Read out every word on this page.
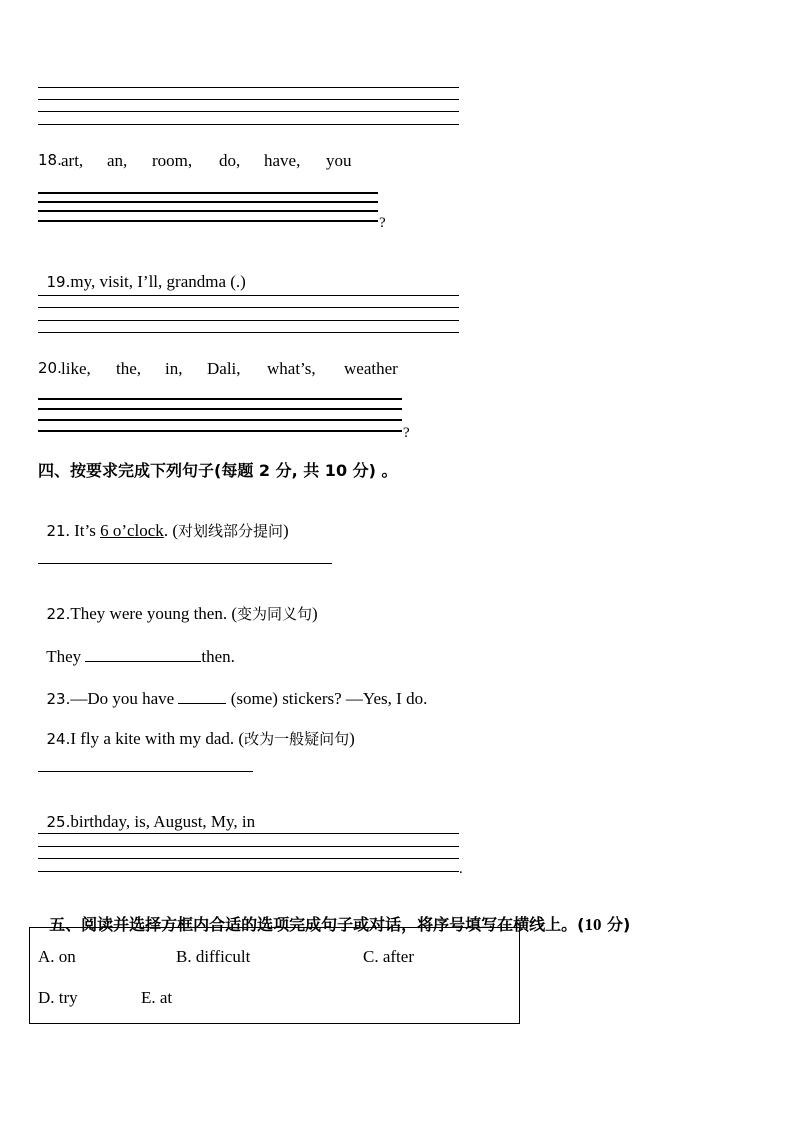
18. art, an, room, do, have, you
?

19.my, visit, I’ll, grandma (.)

20. like, the, in, Dali, what’s, weather
?
四、按要求完成下列句子(每题 2 分, 共 10 分) 。

21. It’s 6 o’clock. (对划线部分提问)

22.They were young then. (变为同义句)

They	then.

23.—Do you have	(some) stickers? —Yes, I do.

24.I fly a kite with my dad. (改为一般疑问句)

25.birthday, is, August, My, in

.

五、阅读并选择方框内合适的选项完成句子或对话，将序号填写在横线上。(10 分)

A. on	B. difficult	C. after
D. try	E. at
